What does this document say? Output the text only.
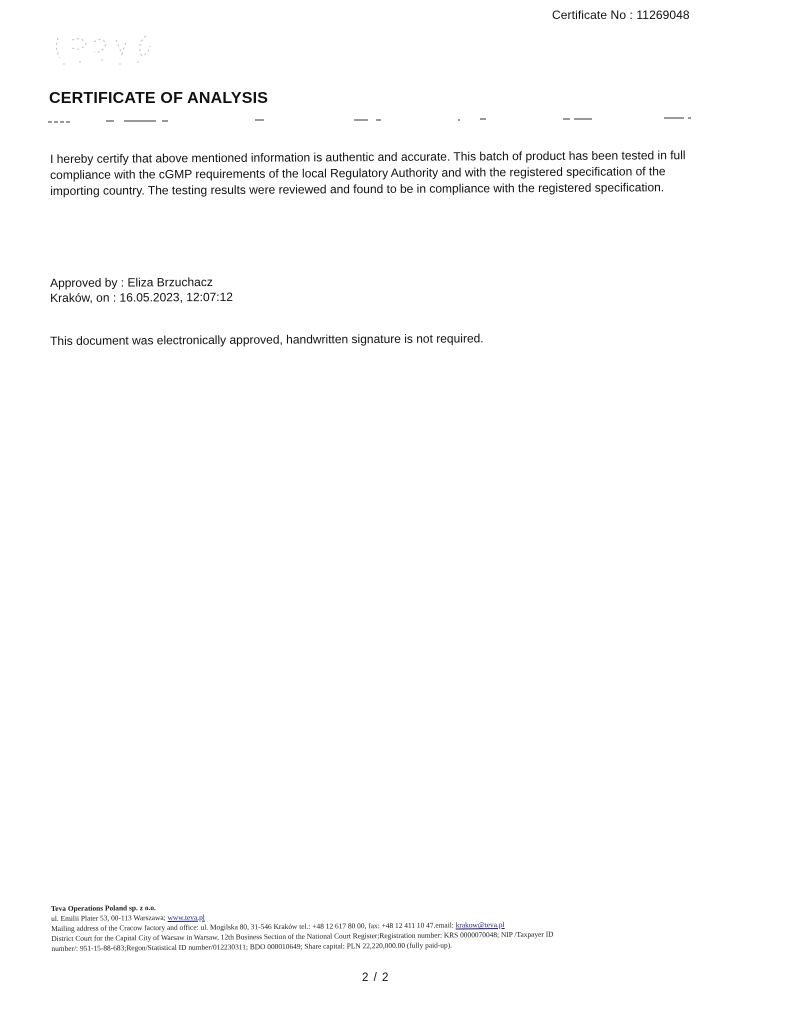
Certificate No : 11269048
CERTIFICATE OF ANALYSIS
I hereby certify that above mentioned information is authentic and accurate. This batch of product has been tested in full compliance with the cGMP requirements of the local Regulatory Authority and with the registered specification of the importing country. The testing results were reviewed and found to be in compliance with the registered specification.
Approved by : Eliza Brzuchacz
Kraków, on : 16.05.2023, 12:07:12
This document was electronically approved, handwritten signature is not required.
Teva Operations Poland sp. z o.o.
ul. Emilii Plater 53, 00-113 Warszawa; www.teva.pl
Mailing address of the Cracow factory and office: ul. Mogilska 80, 31-546 Kraków tel.: +48 12 617 80 00, fax: +48 12 411 10 47.email: krakow@teva.pl
District Court for the Capital City of Warsaw in Warsaw, 12th Business Section of the National Court Register;Registration number: KRS 0000070048; NIP /Taxpayer ID
number/: 951-15-88-683;Regon/Statistical ID number/012230311; BDO 000010649; Share capital: PLN 22,220,000.00 (fully paid-up).
2 / 2
